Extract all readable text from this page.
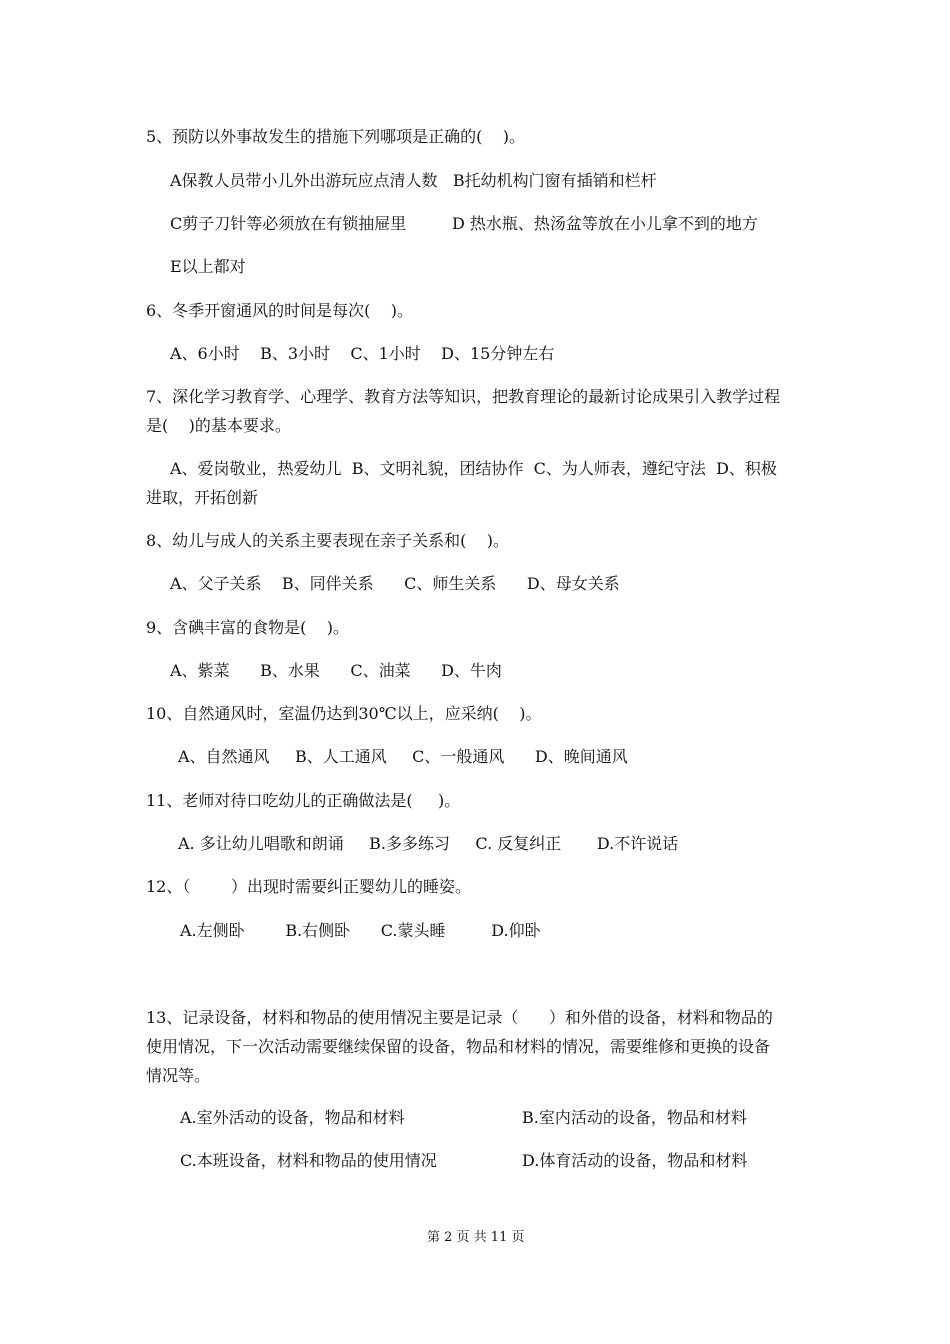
5、预防以外事故发生的措施下列哪项是正确的(    )。
A保教人员带小儿外出游玩应点清人数   B托幼机构门窗有插销和栏杆
C剪子刀针等必须放在有锁抽屉里         D 热水瓶、热汤盆等放在小儿拿不到的地方
E以上都对
6、冬季开窗通风的时间是每次(    )。
A、6小时    B、3小时    C、1小时    D、15分钟左右
7、深化学习教育学、心理学、教育方法等知识，把教育理论的最新讨论成果引入教学过程
是(    )的基本要求。
A、爱岗敬业，热爱幼儿  B、文明礼貌，团结协作  C、为人师表，遵纪守法  D、积极
进取，开拓创新
8、幼儿与成人的关系主要表现在亲子关系和(    )。
A、父子关系    B、同伴关系      C、师生关系      D、母女关系
9、含碘丰富的食物是(    )。
A、紫菜      B、水果      C、油菜      D、牛肉
10、自然通风时，室温仍达到30℃以上，应采纳(    )。
A、自然通风     B、人工通风     C、一般通风      D、晚间通风
11、老师对待口吃幼儿的正确做法是(     )。
A. 多让幼儿唱歌和朗诵     B.多多练习     C. 反复纠正       D.不许说话
12、（        ）出现时需要纠正婴幼儿的睡姿。
A.左侧卧        B.右侧卧      C.蒙头睡         D.仰卧
13、记录设备，材料和物品的使用情况主要是记录（      ）和外借的设备，材料和物品的
使用情况，下一次活动需要继续保留的设备，物品和材料的情况，需要维修和更换的设备
情况等。
A.室外活动的设备，物品和材料	B.室内活动的设备，物品和材料
C.本班设备，材料和物品的使用情况	D.体育活动的设备，物品和材料
第 2 页 共 11 页
